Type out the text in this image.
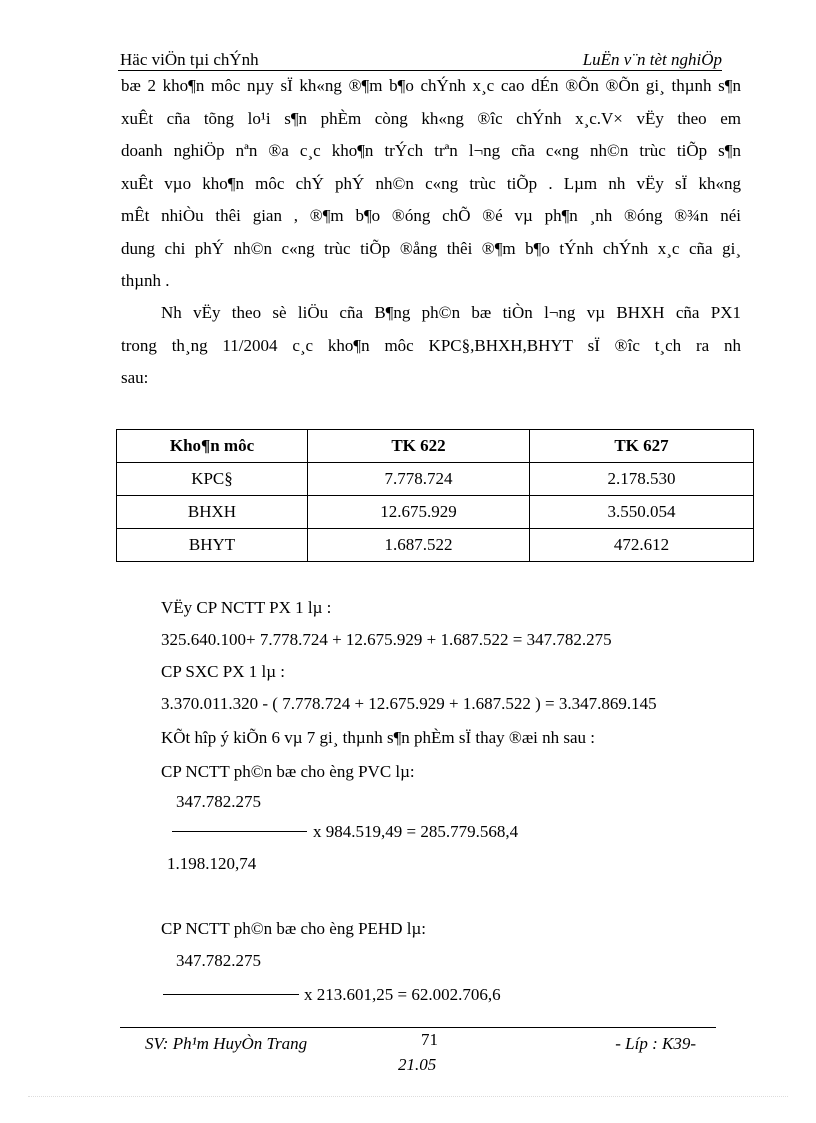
Häc viÖn tµi chÝnh	LuËn v¨n tèt nghiÖp
bæ 2 kho¶n môc nµy sÏ kh«ng ®¶m b¶o chÝnh x¸c cao dÉn ®Õn ®Õn gi¸ thµnh s¶n
xuÊt cña tõng lo¹i s¶n phÈm còng kh«ng ®îc chÝnh x¸c.V× vËy theo em
doanh nghiÖp nªn ®a c¸c kho¶n trÝch trªn l¬ng cña c«ng nh©n trùc tiÕp s¶n
xuÊt vµo kho¶n môc chÝ phÝ nh©n c«ng trùc tiÕp . Lµm nh vËy sÏ kh«ng
mÊt nhiÒu thêi gian , ®¶m b¶o ®óng chÕ ®é vµ ph¶n ¸nh ®óng ®¾n néi
dung chi phÝ nh©n c«ng trùc tiÕp ®ång thêi ®¶m b¶o tÝnh chÝnh x¸c cña gi¸
thµnh .
Nh vËy theo sè liÖu cña B¶ng ph©n bæ tiÒn l¬ng vµ BHXH cña PX1
trong th¸ng 11/2004 c¸c kho¶n môc KPC§,BHXH,BHYT sÏ ®îc t¸ch ra nh
sau:
Kho¶n môc	TK 622	TK 627
KPC§	7.778.724	2.178.530
BHXH	12.675.929	3.550.054
BHYT	1.687.522	472.612
VËy CP NCTT PX 1 lµ :
325.640.100+ 7.778.724 + 12.675.929 + 1.687.522 = 347.782.275
CP SXC PX 1 lµ :
3.370.011.320 - ( 7.778.724 + 12.675.929 + 1.687.522 ) = 3.347.869.145
KÕt hîp ý kiÕn 6 vµ 7 gi¸ thµnh s¶n phÈm sÏ thay ®æi nh sau :
CP NCTT ph©n bæ cho èng PVC lµ:
347.782.275
x 984.519,49 = 285.779.568,4
1.198.120,74
CP NCTT ph©n bæ cho èng PEHD lµ:
347.782.275
x 213.601,25 = 62.002.706,6
SV: Ph¹m HuyÒn Trang	71	- Líp : K39-
21.05
